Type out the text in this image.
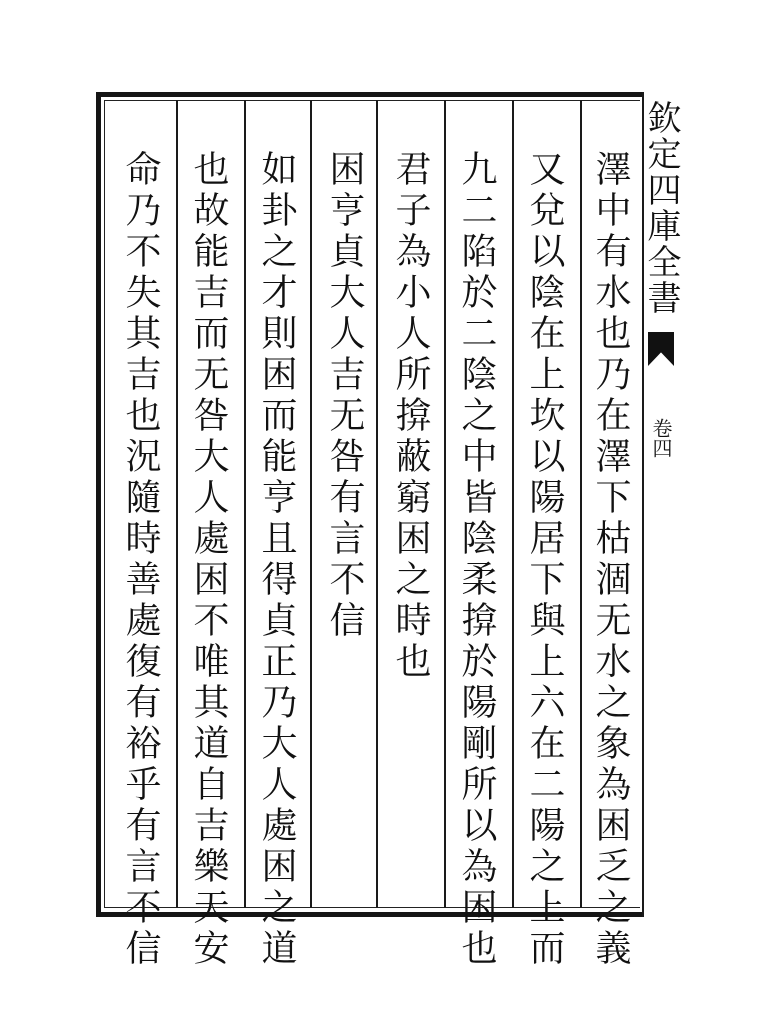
澤中有水也乃在澤下枯涸无水之象為困乏之義
又兌以陰在上坎以陽居下與上六在二陽之上而
九二陷於二陰之中皆陰柔揜於陽剛所以為困也
君子為小人所揜蔽窮困之時也
困亨貞大人吉无咎有言不信
如卦之才則困而能亨且得貞正乃大人處困之道
也故能吉而无咎大人處困不唯其道自吉樂天安
命乃不失其吉也況隨時善處復有裕乎有言不信	欽定四庫全書
卷四
